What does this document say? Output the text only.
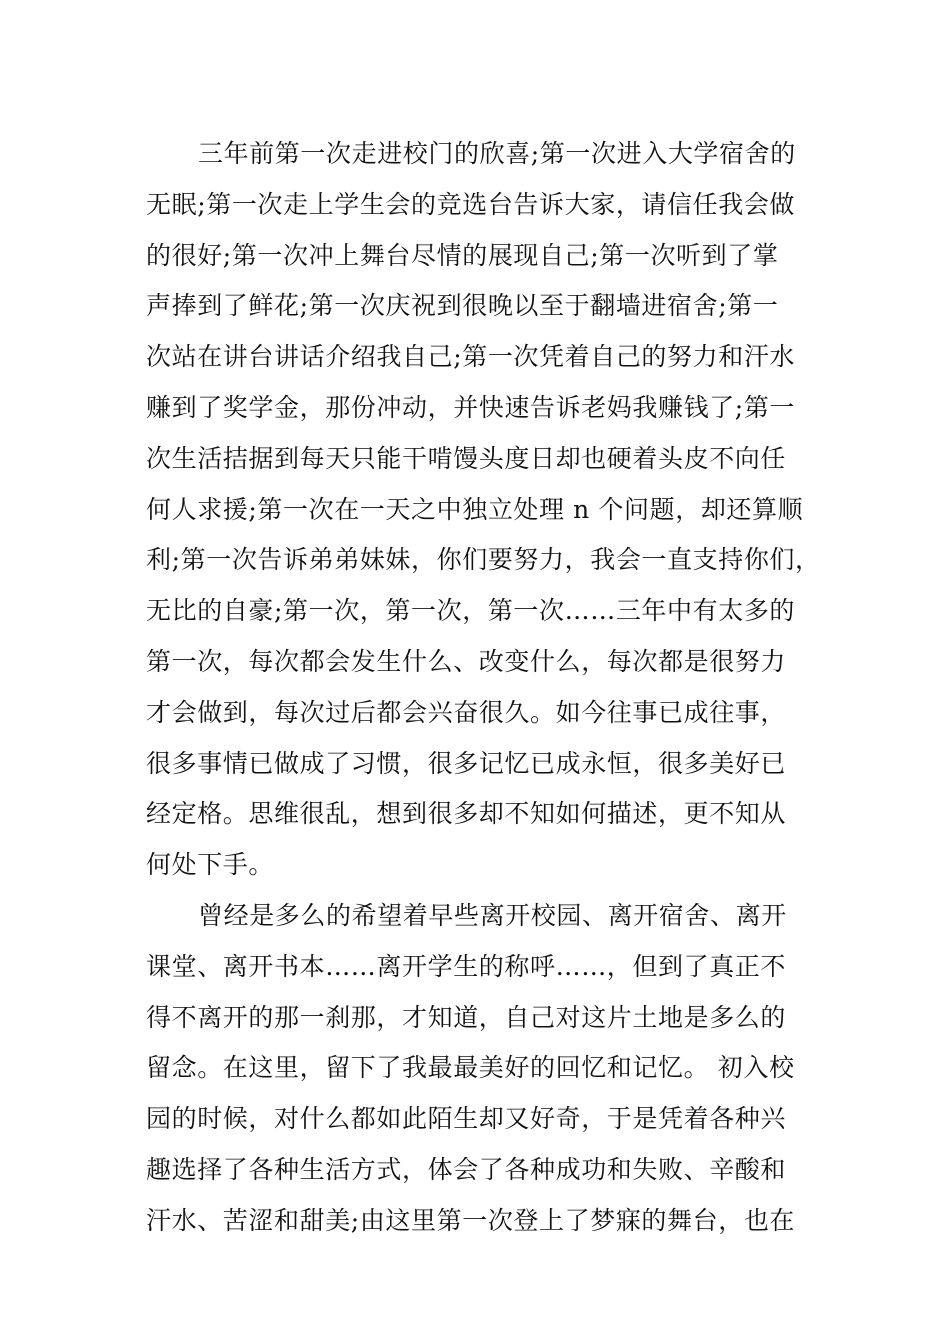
三年前第一次走进校门的欣喜;第一次进入大学宿舍的
无眠;第一次走上学生会的竞选台告诉大家，请信任我会做
的很好;第一次冲上舞台尽情的展现自己;第一次听到了掌
声捧到了鲜花;第一次庆祝到很晚以至于翻墙进宿舍;第一
次站在讲台讲话介绍我自己;第一次凭着自己的努力和汗水
赚到了奖学金，那份冲动，并快速告诉老妈我赚钱了;第一
次生活拮据到每天只能干啃馒头度日却也硬着头皮不向任
何人求援;第一次在一天之中独立处理 n 个问题，却还算顺
利;第一次告诉弟弟妹妹，你们要努力，我会一直支持你们，
无比的自豪;第一次，第一次，第一次……三年中有太多的
第一次，每次都会发生什么、改变什么，每次都是很努力
才会做到，每次过后都会兴奋很久。如今往事已成往事，
很多事情已做成了习惯，很多记忆已成永恒，很多美好已
经定格。思维很乱，想到很多却不知如何描述，更不知从
何处下手。
曾经是多么的希望着早些离开校园、离开宿舍、离开
课堂、离开书本……离开学生的称呼……，但到了真正不
得不离开的那一刹那，才知道，自己对这片土地是多么的
留念。在这里，留下了我最最美好的回忆和记忆。 初入校
园的时候，对什么都如此陌生却又好奇，于是凭着各种兴
趣选择了各种生活方式，体会了各种成功和失败、辛酸和
汗水、苦涩和甜美;由这里第一次登上了梦寐的舞台，也在
